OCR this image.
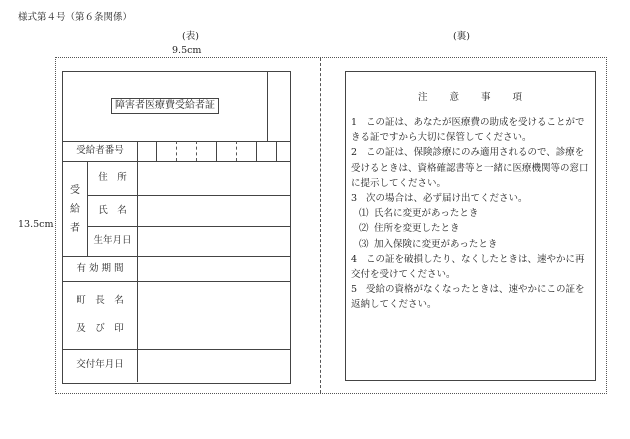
様式第４号（第６条関係）
(表)	(裏)
9.5cm
13.5cm
障害者医療費受給者証
受給者番号
受
給
者
住　所
氏　名
生年月日
有 効 期 間
町　長　名
及　び　印
交付年月日
注　　意　　事　　項
1 この証は、あなたが医療費の助成を受けることがで

きる証ですから大切に保管してください。

2 この証は、保険診療にのみ適用されるので、診療を

受けるときは、資格確認書等と一緒に医療機関等の窓口

に提示してください。

3 次の場合は、必ず届け出てください。
⑴ 氏名に変更があったとき
⑵ 住所を変更したとき
⑶ 加入保険に変更があったとき
4 この証を破損したり、なくしたときは、速やかに再

交付を受けてください。

5 受給の資格がなくなったときは、速やかにこの証を

返納してください。
